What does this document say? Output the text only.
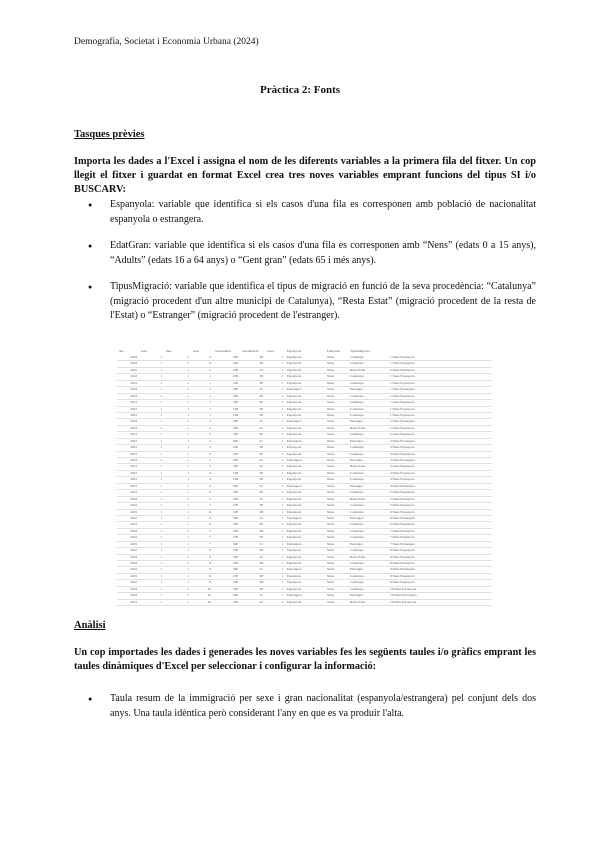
Demografia, Societat i Economia Urbana (2024)
Pràctica 2: Fonts
Tasques prèvies
Importa les dades a l'Excel i assigna el nom de les diferents variables a la primera fila del fitxer. Un cop llegit el fitxer i guardat en format Excel crea tres noves variables emprant funcions del tipus SI i/o BUSCARV:
● Espanyola: variable que identifica si els casos d'una fila es corresponen amb població de nacionalitat espanyola o estrangera.
● EdatGran: variable que identifica si els casos d'una fila es corresponen amb “Nens” (edats 0 a 15 anys), “Adults” (edats 16 a 64 anys) o “Gent gran” (edats 65 i més anys).
● TipusMigració: variable que identifica el tipus de migració en funció de la seva procedència: “Catalunya” (migració procedent d'un altre municipi de Catalunya), “Resta Estat” (migració procedent de la resta de l'Estat) o “Estranger” (migració procedent de l'estranger).
any	sexe	mes	edat	nacionalitat	procedència	casos	Espanyola	EdatGran	TipusMigració	
2023	1	1	0	108	08	1	Espanyola	Nens	Catalunya	1 Nens Espanyola
2023	1	1	0	108	08	1	Espanyola	Nens	Catalunya	1 Nens Espanyola
2023	1	1	0	108	43	1	Espanyola	Nens	Resta Estat	0 Nens Espanyola
2023	1	1	1	108	08	2	Espanyola	Nens	Catalunya	1 Nens Espanyola
2023	1	1	1	108	08	1	Espanyola	Nens	Catalunya	1 Nens Espanyola
2023	1	1	1	300	01	1	Estrangera	Nens	Estranger	1 Nens Estrangera
2023	1	1	1	108	08	1	Espanyola	Nens	Catalunya	1 Nens Espanyola
2023	1	1	1	108	08	1	Espanyola	Nens	Catalunya	1 Nens Espanyola
2023	1	1	1	108	08	1	Espanyola	Nens	Catalunya	1 Nens Espanyola
2023	1	1	1	108	08	1	Espanyola	Nens	Catalunya	1 Nens Espanyola
2023	1	1	2	300	01	1	Estrangera	Nens	Estranger	2 Nens Estrangera
2023	1	1	2	108	43	1	Espanyola	Nens	Resta Estat	2 Nens Espanyola
2023	1	1	2	108	08	1	Espanyola	Nens	Catalunya	2 Nens Espanyola
2023	1	1	2	300	01	1	Estrangera	Nens	Estranger	2 Nens Estrangera
2023	1	1	2	108	08	1	Espanyola	Nens	Catalunya	2 Nens Espanyola
2023	1	1	3	108	08	1	Espanyola	Nens	Catalunya	3 Nens Espanyola
2023	1	1	3	300	01	1	Estrangera	Nens	Estranger	3 Nens Estrangera
2023	1	1	3	108	43	1	Espanyola	Nens	Resta Estat	3 Nens Espanyola
2023	1	1	4	108	08	1	Espanyola	Nens	Catalunya	4 Nens Espanyola
2023	1	1	4	108	08	1	Espanyola	Nens	Catalunya	4 Nens Espanyola
2023	1	1	4	300	01	1	Estrangera	Nens	Estranger	4 Nens Estrangera
2023	1	1	5	108	08	1	Espanyola	Nens	Catalunya	5 Nens Espanyola
2023	1	1	5	108	43	1	Espanyola	Nens	Resta Estat	5 Nens Espanyola
2023	1	1	5	108	08	1	Espanyola	Nens	Catalunya	5 Nens Espanyola
2023	1	1	6	108	08	1	Espanyola	Nens	Catalunya	6 Nens Espanyola
2023	1	1	6	300	01	1	Estrangera	Nens	Estranger	6 Nens Estrangera
2023	1	1	6	108	08	1	Espanyola	Nens	Catalunya	6 Nens Espanyola
2023	1	1	7	108	08	1	Espanyola	Nens	Catalunya	7 Nens Espanyola
2023	1	1	7	108	08	1	Espanyola	Nens	Catalunya	7 Nens Espanyola
2023	1	1	7	300	01	1	Estrangera	Nens	Estranger	7 Nens Estrangera
2023	1	1	8	108	08	1	Espanyola	Nens	Catalunya	8 Nens Espanyola
2023	1	1	8	108	43	1	Espanyola	Nens	Resta Estat	8 Nens Espanyola
2023	1	1	8	108	08	1	Espanyola	Nens	Catalunya	8 Nens Espanyola
2023	1	1	9	300	01	1	Estrangera	Nens	Estranger	9 Nens Estrangera
2023	1	1	9	108	08	1	Espanyola	Nens	Catalunya	9 Nens Espanyola
2023	1	1	9	108	08	1	Espanyola	Nens	Catalunya	9 Nens Espanyola
2023	1	1	10	108	08	1	Espanyola	Nens	Catalunya	10 Nens Espanyola
2023	1	1	10	300	01	1	Estrangera	Nens	Estranger	10 Nens Estrangera
2023	1	1	10	108	43	1	Espanyola	Nens	Resta Estat	10 Nens Espanyola

Anàlisi
Un cop importades les dades i generades les noves variables fes les següents taules i/o gràfics emprant les taules dinàmiques d'Excel per seleccionar i configurar la informació:
● Taula resum de la immigració per sexe i gran nacionalitat (espanyola/estrangera) pel conjunt dels dos anys. Una taula idèntica però considerant l'any en que es va produir l'alta.
